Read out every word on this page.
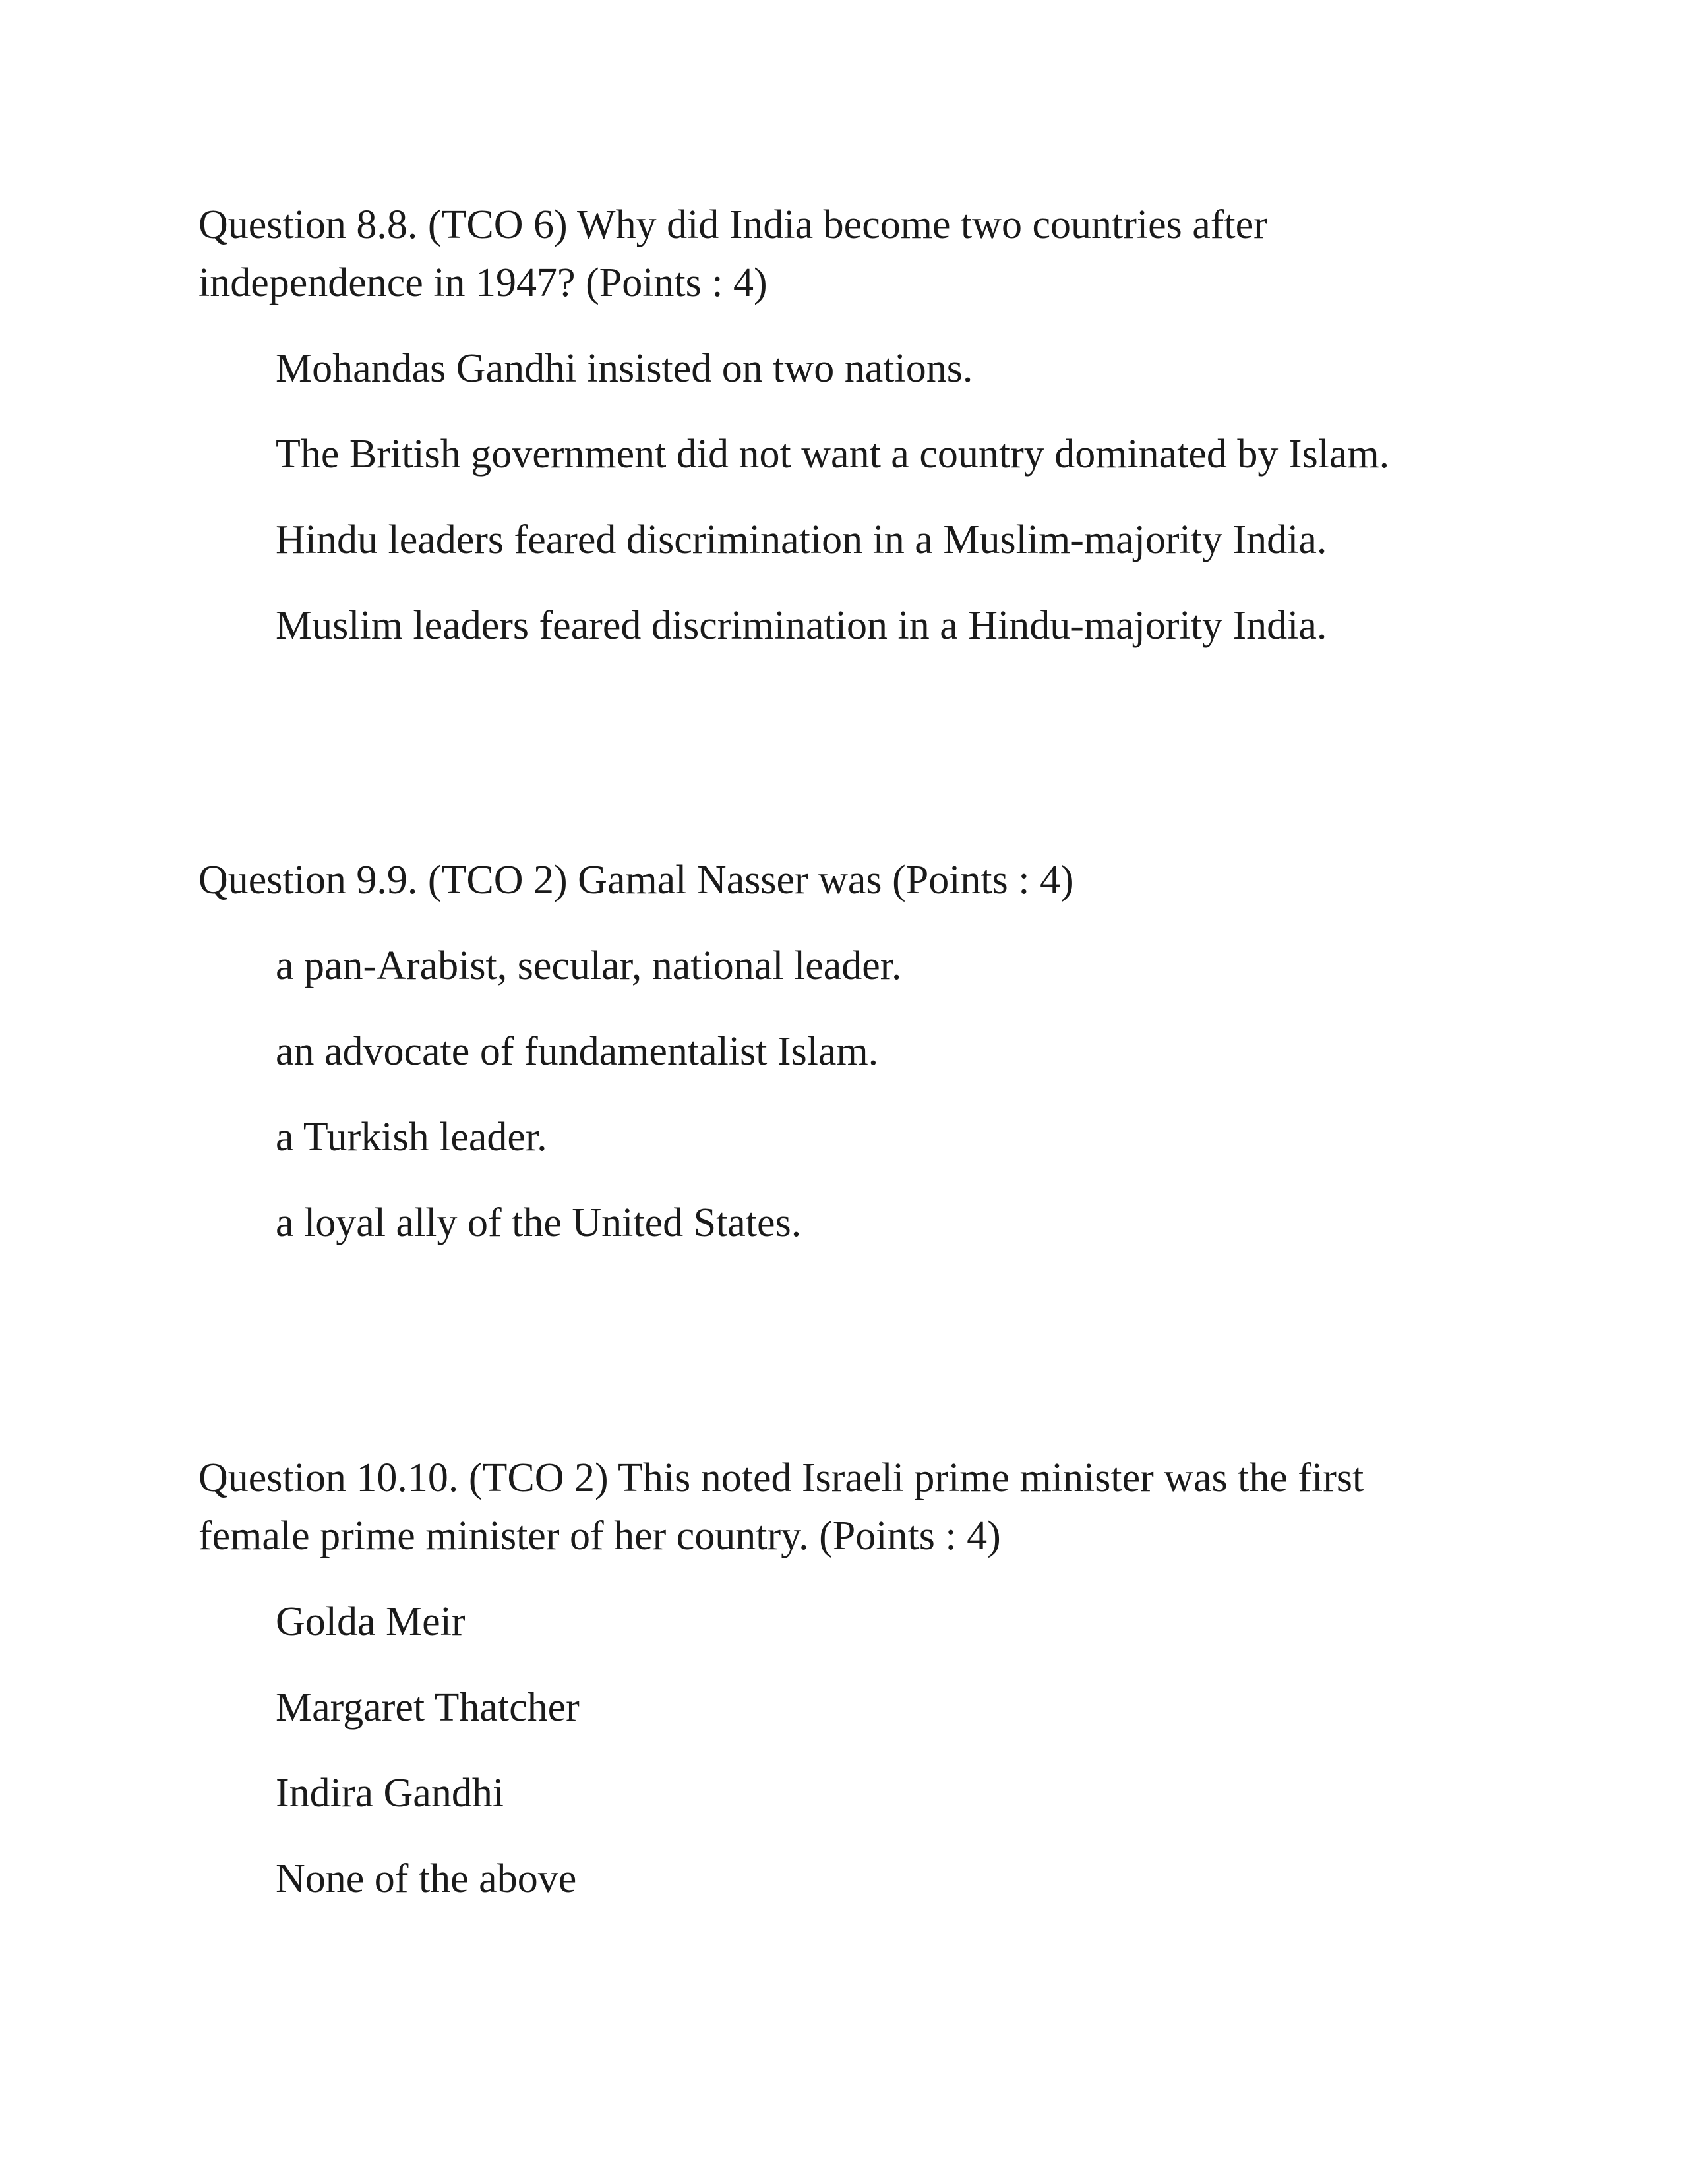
Question 8.8. (TCO 6) Why did India become two countries after
independence in 1947? (Points : 4)

Mohandas Gandhi insisted on two nations.
The British government did not want a country dominated by Islam.
Hindu leaders feared discrimination in a Muslim-majority India.
Muslim leaders feared discrimination in a Hindu-majority India.

Question 9.9. (TCO 2) Gamal Nasser was (Points : 4)

a pan-Arabist, secular, national leader.
an advocate of fundamentalist Islam.
a Turkish leader.
a loyal ally of the United States.

Question 10.10. (TCO 2) This noted Israeli prime minister was the first
female prime minister of her country. (Points : 4)

Golda Meir
Margaret Thatcher
Indira Gandhi
None of the above
